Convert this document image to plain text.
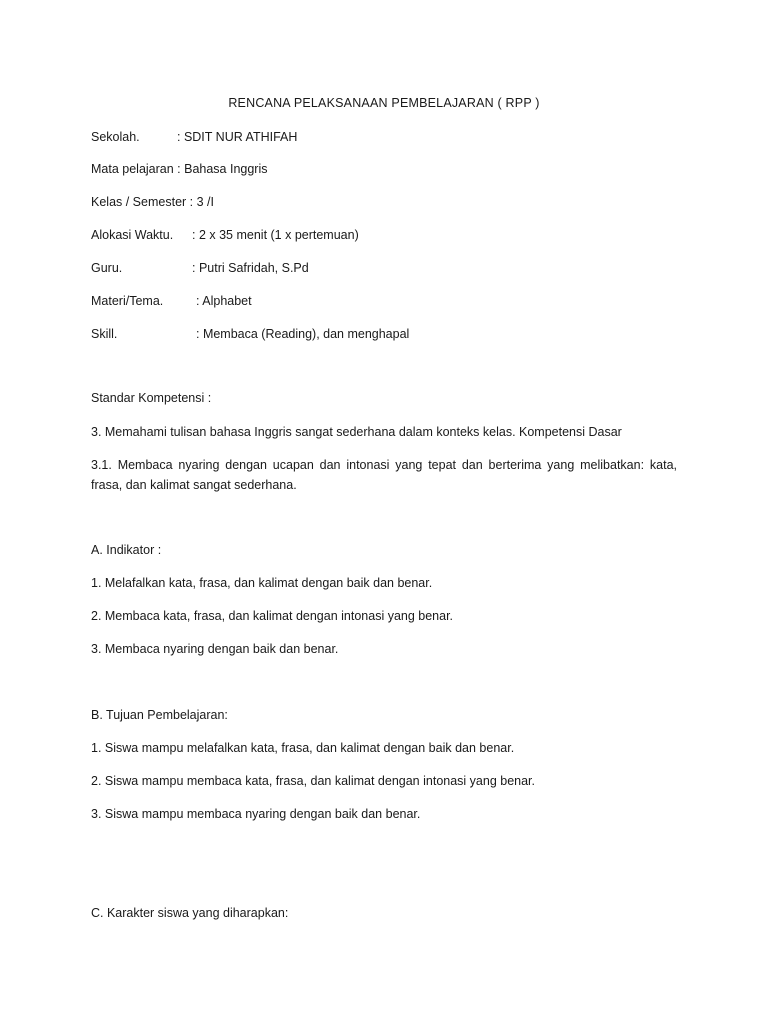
RENCANA PELAKSANAAN PEMBELAJARAN ( RPP )
Sekolah.	: SDIT NUR ATHIFAH
Mata pelajaran : Bahasa Inggris
Kelas / Semester : 3 /I
Alokasi Waktu. : 2 x 35 menit (1 x pertemuan)
Guru.	: Putri Safridah, S.Pd
Materi/Tema.	: Alphabet
Skill.	: Membaca (Reading), dan menghapal
Standar Kompetensi :
3. Memahami tulisan bahasa Inggris sangat sederhana dalam konteks kelas. Kompetensi Dasar
3.1. Membaca nyaring dengan ucapan dan intonasi yang tepat dan berterima yang melibatkan: kata, frasa, dan kalimat sangat sederhana.
A. Indikator :
1. Melafalkan kata, frasa, dan kalimat dengan baik dan benar.
2. Membaca kata, frasa, dan kalimat dengan intonasi yang benar.
3. Membaca nyaring dengan baik dan benar.
B. Tujuan Pembelajaran:
1. Siswa mampu melafalkan kata, frasa, dan kalimat dengan baik dan benar.
2. Siswa mampu membaca kata, frasa, dan kalimat dengan intonasi yang benar.
3. Siswa mampu membaca nyaring dengan baik dan benar.
C. Karakter siswa yang diharapkan:
